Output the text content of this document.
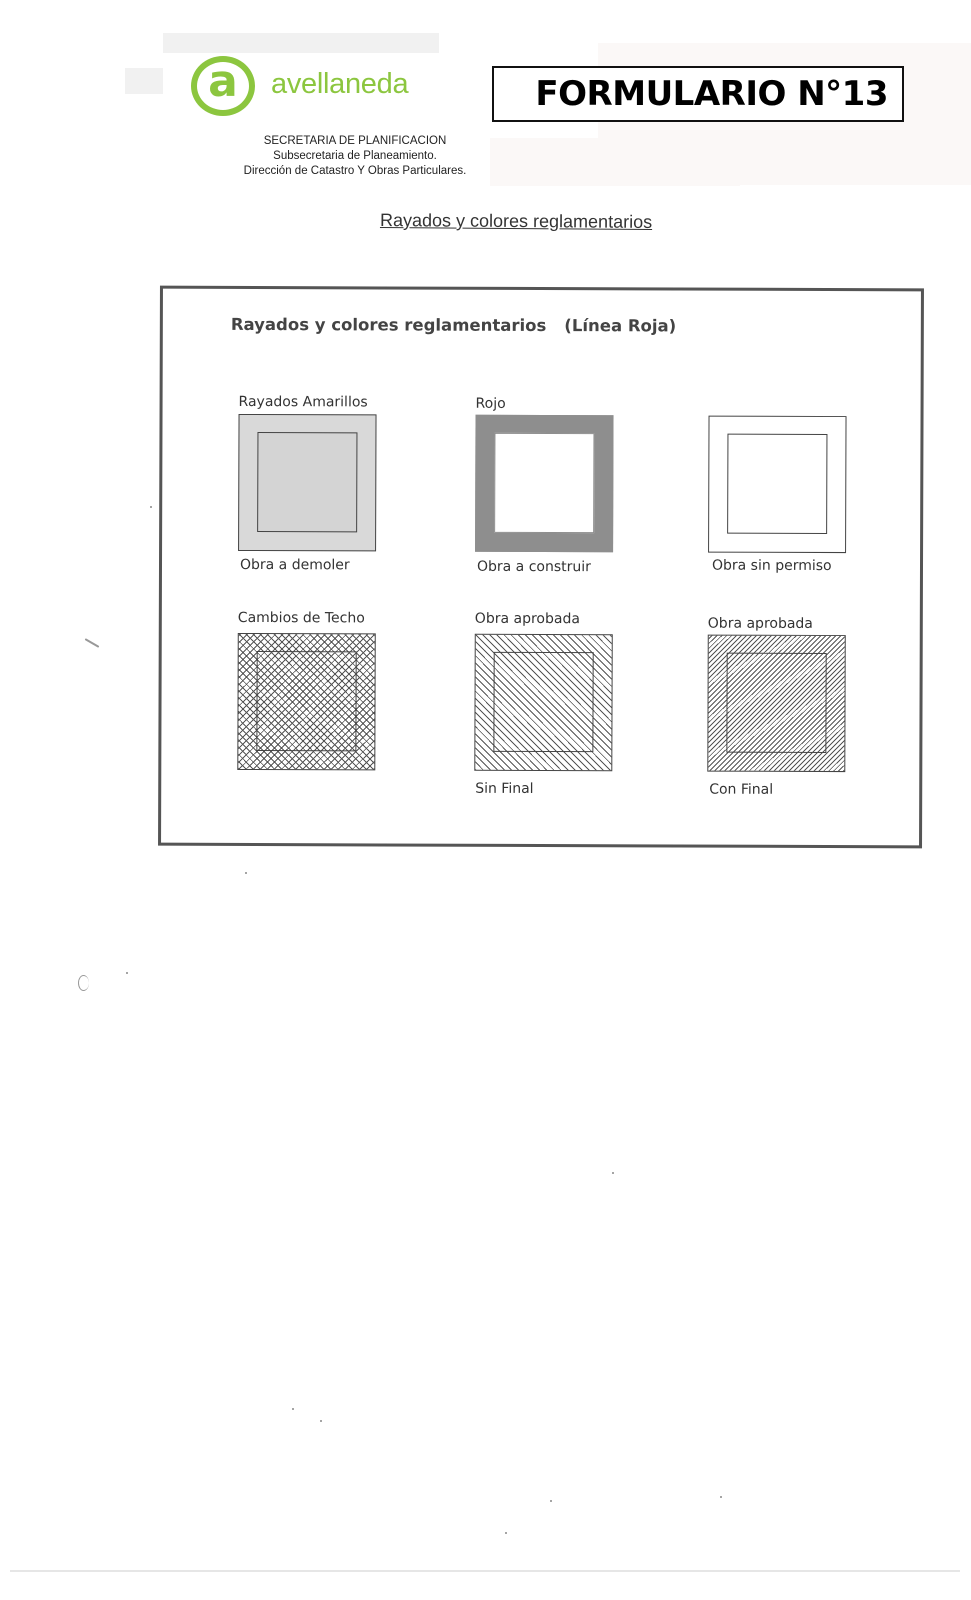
a avellaneda
SECRETARIA DE PLANIFICACION
Subsecretaria de Planeamiento.
Dirección de Catastro Y Obras Particulares.
FORMULARIO N°13
Rayados y colores reglamentarios
Rayados y colores reglamentarios (Línea Roja)
Rayados Amarillos
Obra a demoler
Rojo
Obra a construir	Obra sin permiso
Cambios de Techo	Obra aprobada
Sin Final
Obra aprobada
Con Final
